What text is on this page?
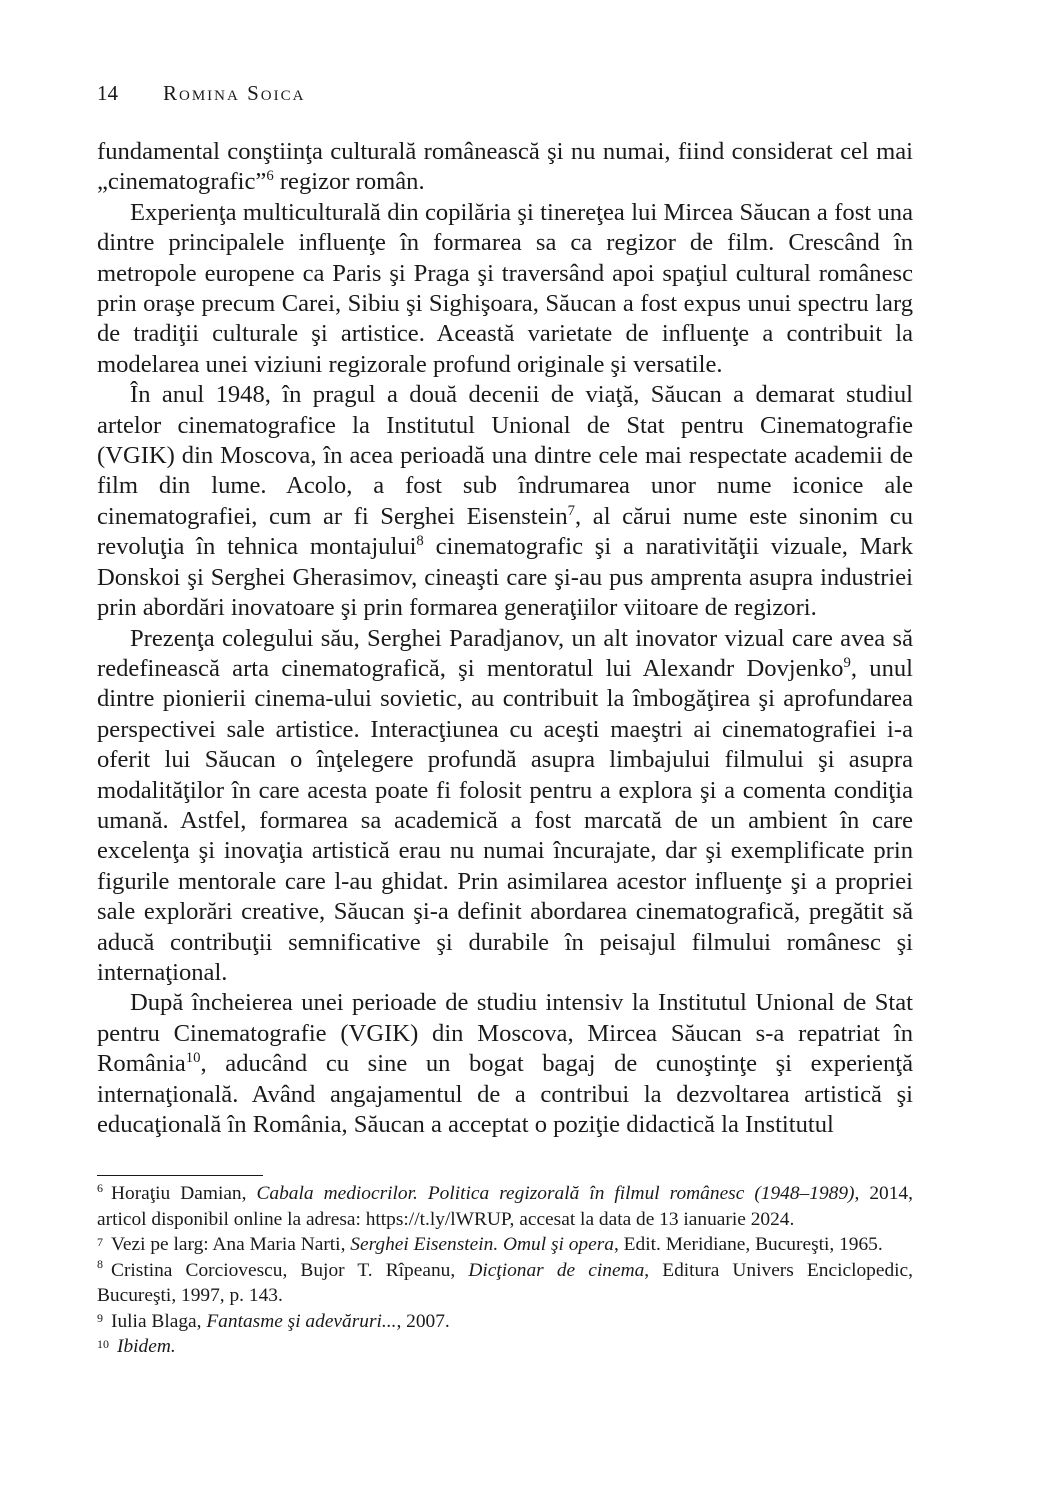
14	Romina Soica

fundamental conştiinţa culturală românească şi nu numai, fiind considerat cel mai „cinematografic”$^6$ regizor român.

Experienţa multiculturală din copilăria şi tinereţea lui Mircea Săucan a fost una dintre principalele influenţe în formarea sa ca regizor de film. Crescând în metropole europene ca Paris şi Praga şi traversând apoi spaţiul cultural românesc prin oraşe precum Carei, Sibiu şi Sighişoara, Săucan a fost expus unui spectru larg de tradiţii culturale şi artistice. Această varietate de influenţe a contribuit la modelarea unei viziuni regizorale profund originale şi versatile.

În anul 1948, în pragul a două decenii de viaţă, Săucan a demarat studiul artelor cinematografice la Institutul Unional de Stat pentru Cinematografie (VGIK) din Moscova, în acea perioadă una dintre cele mai respectate academii de film din lume. Acolo, a fost sub îndrumarea unor nume iconice ale cinematografiei, cum ar fi Serghei Eisenstein$^7$, al cărui nume este sinonim cu revoluţia în tehnica montajului$^8$ cinematografic şi a narativităţii vizuale, Mark Donskoi şi Serghei Gherasimov, cineaşti care şi-au pus amprenta asupra industriei prin abordări inovatoare şi prin formarea generaţiilor viitoare de regizori.

Prezenţa colegului său, Serghei Paradjanov, un alt inovator vizual care avea să redefinească arta cinematografică, şi mentoratul lui Alexandr Dovjenko$^9$, unul dintre pionierii cinema-ului sovietic, au contribuit la îmbogăţirea şi aprofundarea perspectivei sale artistice. Interacţiunea cu aceşti maeştri ai cinematografiei i-a oferit lui Săucan o înţelegere profundă asupra limbajului filmului şi asupra modalităţilor în care acesta poate fi folosit pentru a explora şi a comenta condiţia umană. Astfel, formarea sa academică a fost marcată de un ambient în care excelenţa şi inovaţia artistică erau nu numai încurajate, dar şi exemplificate prin figurile mentorale care l-au ghidat. Prin asimilarea acestor influenţe şi a propriei sale explorări creative, Săucan şi-a definit abordarea cinematografică, pregătit să aducă contribuţii semnificative şi durabile în peisajul filmului românesc şi internaţional.

După încheierea unei perioade de studiu intensiv la Institutul Unional de Stat pentru Cinematografie (VGIK) din Moscova, Mircea Săucan s-a repatriat în România$^{10}$, aducând cu sine un bogat bagaj de cunoştinţe şi experienţă internaţională. Având angajamentul de a contribui la dezvoltarea artistică şi educaţională în România, Săucan a acceptat o poziţie didactică la Institutul

$^6$ Horaţiu Damian, Cabala mediocrilor. Politica regizorală în filmul românesc (1948–1989), 2014, articol disponibil online la adresa: https://t.ly/lWRUP, accesat la data de 13 ianuarie 2024.

$^7$ Vezi pe larg: Ana Maria Narti, Serghei Eisenstein. Omul şi opera, Edit. Meridiane, Bucureşti, 1965.

$^8$ Cristina Corciovescu, Bujor T. Rîpeanu, Dicţionar de cinema, Editura Univers Enciclopedic, Bucureşti, 1997, p. 143.

$^9$ Iulia Blaga, Fantasme şi adevăruri..., 2007.

$^{10}$ Ibidem.
